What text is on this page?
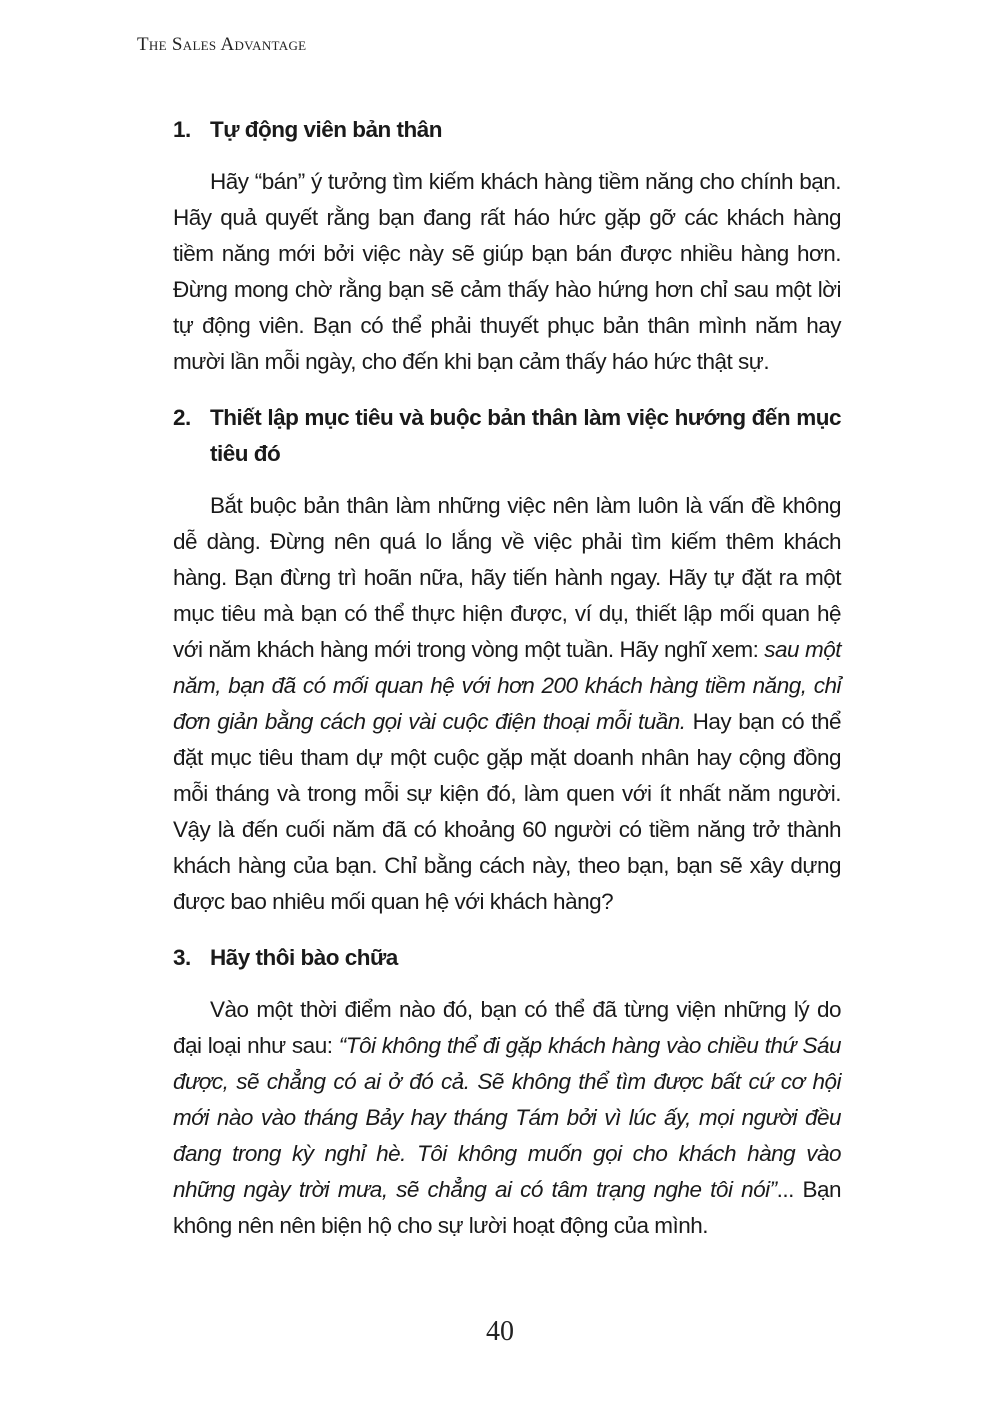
The Sales Advantage
1. Tự động viên bản thân

Hãy “bán” ý tưởng tìm kiếm khách hàng tiềm năng cho chính bạn. Hãy quả quyết rằng bạn đang rất háo hức gặp gỡ các khách hàng tiềm năng mới bởi việc này sẽ giúp bạn bán được nhiều hàng hơn. Đừng mong chờ rằng bạn sẽ cảm thấy hào hứng hơn chỉ sau một lời tự động viên. Bạn có thể phải thuyết phục bản thân mình năm hay mười lần mỗi ngày, cho đến khi bạn cảm thấy háo hức thật sự.

2. Thiết lập mục tiêu và buộc bản thân làm việc hướng đến mục tiêu đó

Bắt buộc bản thân làm những việc nên làm luôn là vấn đề không dễ dàng. Đừng nên quá lo lắng về việc phải tìm kiếm thêm khách hàng. Bạn đừng trì hoãn nữa, hãy tiến hành ngay. Hãy tự đặt ra một mục tiêu mà bạn có thể thực hiện được, ví dụ, thiết lập mối quan hệ với năm khách hàng mới trong vòng một tuần. Hãy nghĩ xem: sau một năm, bạn đã có mối quan hệ với hơn 200 khách hàng tiềm năng, chỉ đơn giản bằng cách gọi vài cuộc điện thoại mỗi tuần. Hay bạn có thể đặt mục tiêu tham dự một cuộc gặp mặt doanh nhân hay cộng đồng mỗi tháng và trong mỗi sự kiện đó, làm quen với ít nhất năm người. Vậy là đến cuối năm đã có khoảng 60 người có tiềm năng trở thành khách hàng của bạn. Chỉ bằng cách này, theo bạn, bạn sẽ xây dựng được bao nhiêu mối quan hệ với khách hàng?

3. Hãy thôi bào chữa

Vào một thời điểm nào đó, bạn có thể đã từng viện những lý do đại loại như sau: “Tôi không thể đi gặp khách hàng vào chiều thứ Sáu được, sẽ chẳng có ai ở đó cả. Sẽ không thể tìm được bất cứ cơ hội mới nào vào tháng Bảy hay tháng Tám bởi vì lúc ấy, mọi người đều đang trong kỳ nghỉ hè. Tôi không muốn gọi cho khách hàng vào những ngày trời mưa, sẽ chẳng ai có tâm trạng nghe tôi nói”... Bạn không nên nên biện hộ cho sự lười hoạt động của mình.

40
